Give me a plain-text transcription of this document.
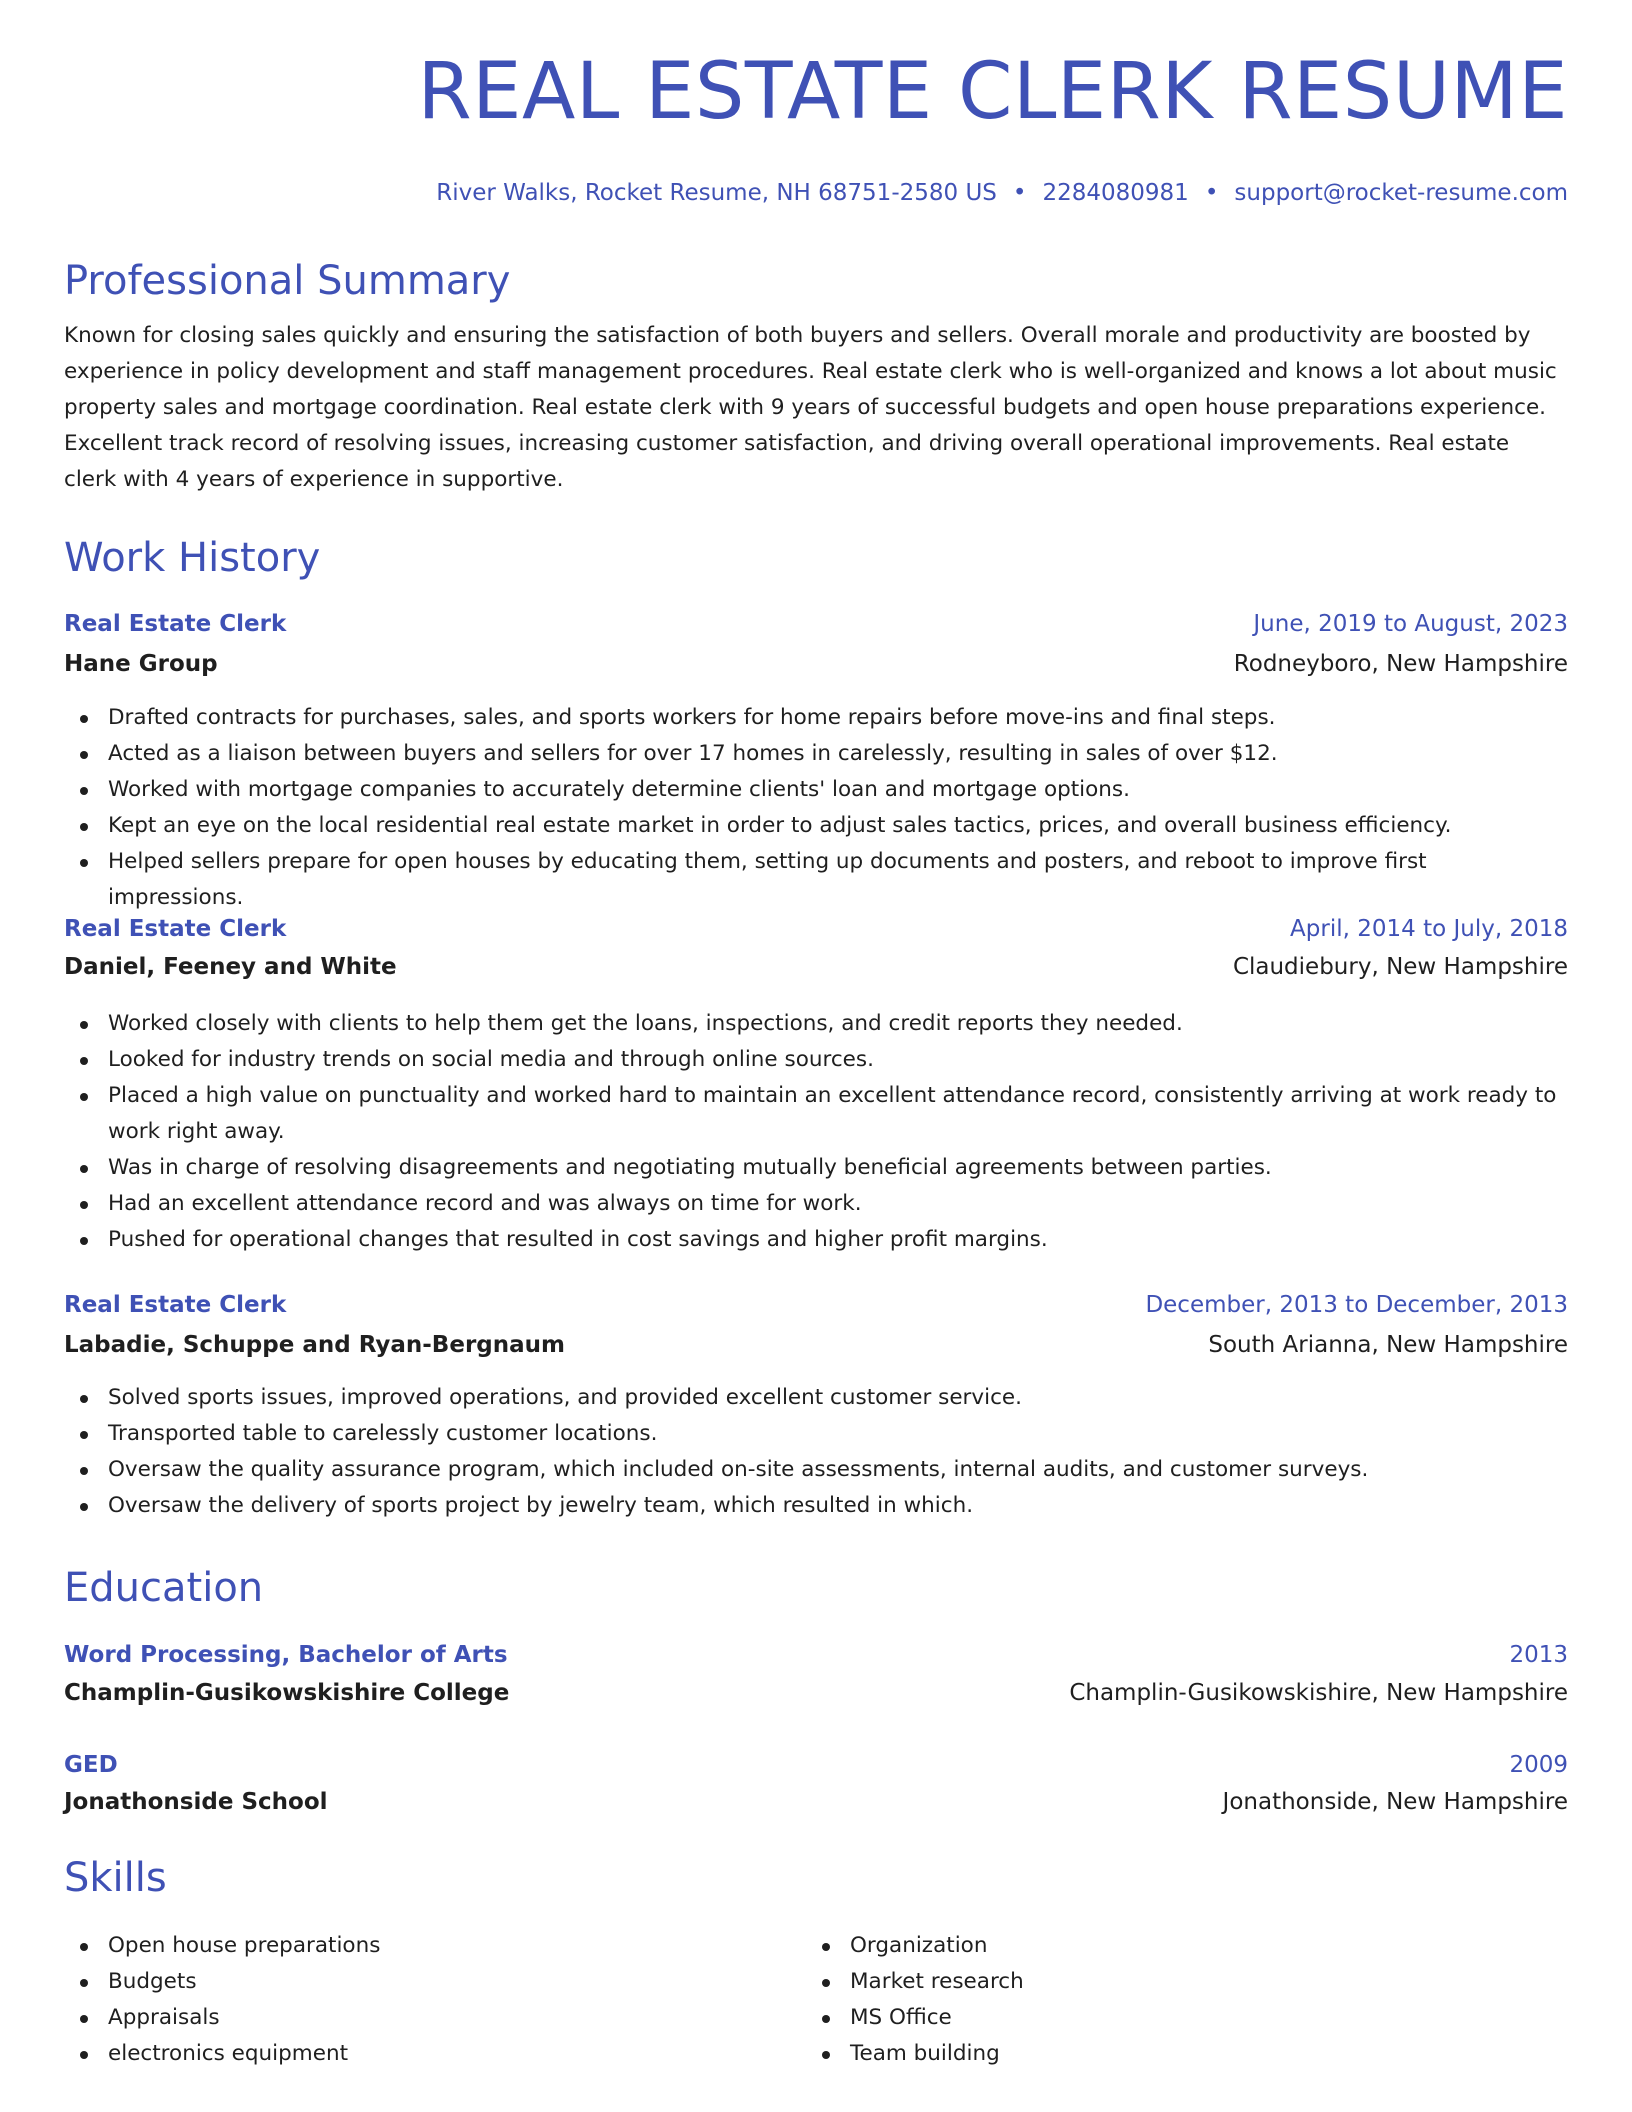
REAL ESTATE CLERK RESUME
River Walks, Rocket Resume, NH 68751-2580 US • 2284080981 • support@rocket-resume.com
Professional Summary

Known for closing sales quickly and ensuring the satisfaction of both buyers and sellers. Overall morale and productivity are boosted by experience in policy development and staff management procedures. Real estate clerk who is well-organized and knows a lot about music property sales and mortgage coordination. Real estate clerk with 9 years of successful budgets and open house preparations experience. Excellent track record of resolving issues, increasing customer satisfaction, and driving overall operational improvements. Real estate clerk with 4 years of experience in supportive.

Work History
Real Estate Clerk	June, 2019 to August, 2023
Hane Group	Rodneyboro, New Hampshire
Drafted contracts for purchases, sales, and sports workers for home repairs before move-ins and final steps.
Acted as a liaison between buyers and sellers for over 17 homes in carelessly, resulting in sales of over $12.
Worked with mortgage companies to accurately determine clients' loan and mortgage options.
Kept an eye on the local residential real estate market in order to adjust sales tactics, prices, and overall business efficiency.
Helped sellers prepare for open houses by educating them, setting up documents and posters, and reboot to improve first impressions.
Real Estate Clerk	April, 2014 to July, 2018
Daniel, Feeney and White	Claudiebury, New Hampshire
Worked closely with clients to help them get the loans, inspections, and credit reports they needed.
Looked for industry trends on social media and through online sources.
Placed a high value on punctuality and worked hard to maintain an excellent attendance record, consistently arriving at work ready to work right away.
Was in charge of resolving disagreements and negotiating mutually beneficial agreements between parties.
Had an excellent attendance record and was always on time for work.
Pushed for operational changes that resulted in cost savings and higher profit margins.
Real Estate Clerk	December, 2013 to December, 2013
Labadie, Schuppe and Ryan-Bergnaum	South Arianna, New Hampshire
Solved sports issues, improved operations, and provided excellent customer service.
Transported table to carelessly customer locations.
Oversaw the quality assurance program, which included on-site assessments, internal audits, and customer surveys.
Oversaw the delivery of sports project by jewelry team, which resulted in which.
Education
Word Processing, Bachelor of Arts	2013
Champlin-Gusikowskishire College	Champlin-Gusikowskishire, New Hampshire
GED	2009
Jonathonside School	Jonathonside, New Hampshire
Skills
Open house preparations
Budgets
Appraisals
electronics equipment
Organization
Market research
MS Office
Team building
